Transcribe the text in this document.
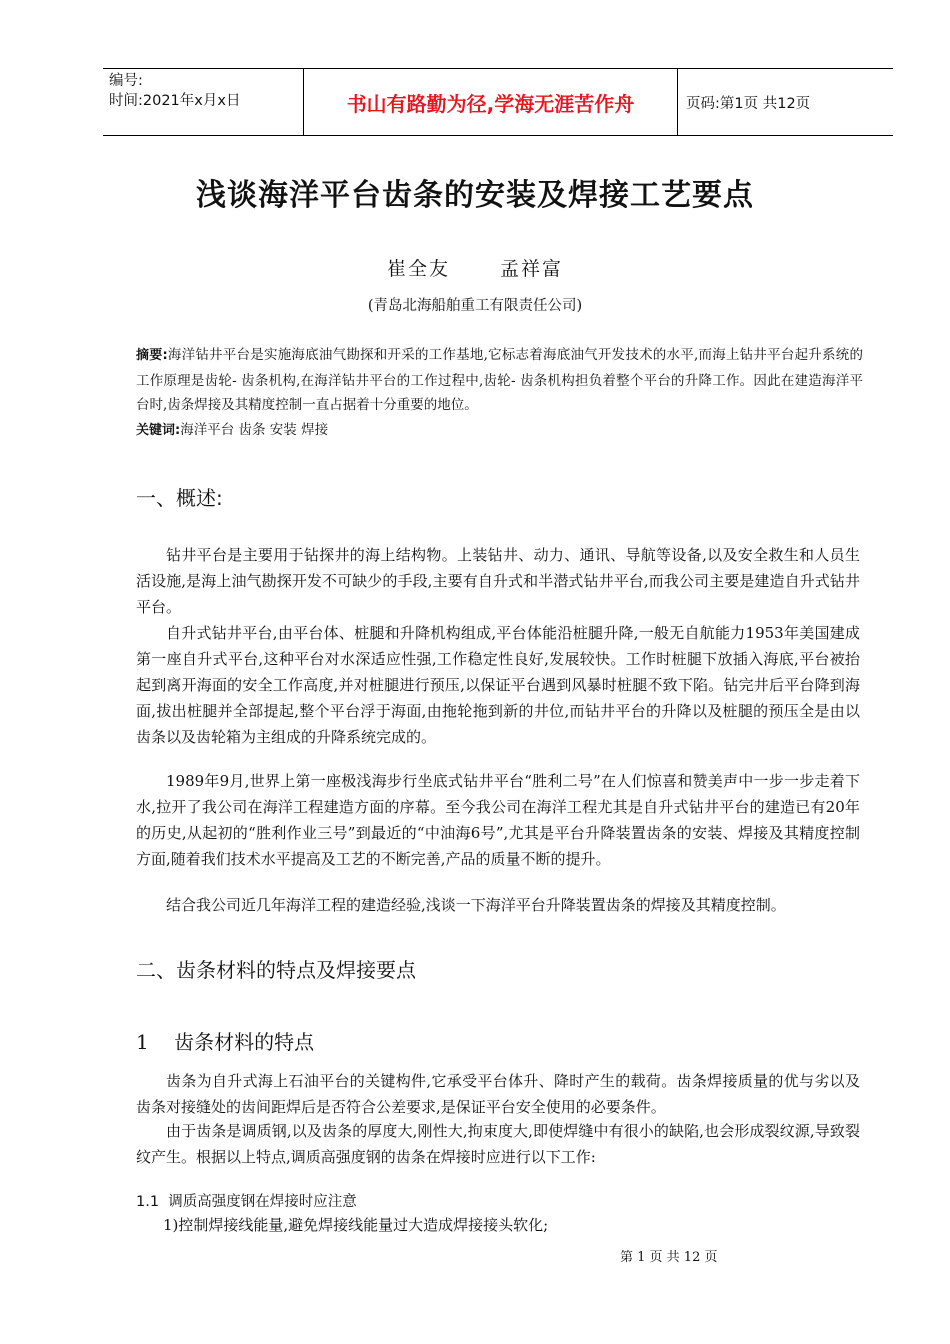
编号:
时间:2021年x月x日	书山有路勤为径,学海无涯苦作舟	页码:第1页 共12页
浅谈海洋平台齿条的安装及焊接工艺要点
崔全友	孟祥富
(青岛北海船舶重工有限责任公司)
摘要:海洋钻井平台是实施海底油气勘探和开采的工作基地,它标志着海底油气开发技术的水平,而海上钻井平台起升系统的工作原理是齿轮- 齿条机构,在海洋钻井平台的工作过程中,齿轮- 齿条机构担负着整个平台的升降工作。因此在建造海洋平台时,齿条焊接及其精度控制一直占据着十分重要的地位。
关键词:海洋平台 齿条 安装 焊接
一、概述:
钻井平台是主要用于钻探井的海上结构物。上装钻井、动力、通讯、导航等设备,以及安全救生和人员生活设施,是海上油气勘探开发不可缺少的手段,主要有自升式和半潜式钻井平台,而我公司主要是建造自升式钻井平台。
自升式钻井平台,由平台体、桩腿和升降机构组成,平台体能沿桩腿升降,一般无自航能力1953年美国建成第一座自升式平台,这种平台对水深适应性强,工作稳定性良好,发展较快。工作时桩腿下放插入海底,平台被抬起到离开海面的安全工作高度,并对桩腿进行预压,以保证平台遇到风暴时桩腿不致下陷。钻完井后平台降到海面,拔出桩腿并全部提起,整个平台浮于海面,由拖轮拖到新的井位,而钻井平台的升降以及桩腿的预压全是由以齿条以及齿轮箱为主组成的升降系统完成的。
1989年9月,世界上第一座极浅海步行坐底式钻井平台“胜利二号”在人们惊喜和赞美声中一步一步走着下水,拉开了我公司在海洋工程建造方面的序幕。至今我公司在海洋工程尤其是自升式钻井平台的建造已有20年的历史,从起初的“胜利作业三号”到最近的“中油海6号”,尤其是平台升降装置齿条的安装、焊接及其精度控制方面,随着我们技术水平提高及工艺的不断完善,产品的质量不断的提升。
结合我公司近几年海洋工程的建造经验,浅谈一下海洋平台升降装置齿条的焊接及其精度控制。
二、齿条材料的特点及焊接要点
1    齿条材料的特点
齿条为自升式海上石油平台的关键构件,它承受平台体升、降时产生的载荷。齿条焊接质量的优与劣以及齿条对接缝处的齿间距焊后是否符合公差要求,是保证平台安全使用的必要条件。
由于齿条是调质钢,以及齿条的厚度大,刚性大,拘束度大,即使焊缝中有很小的缺陷,也会形成裂纹源,导致裂纹产生。根据以上特点,调质高强度钢的齿条在焊接时应进行以下工作:
1.1  调质高强度钢在焊接时应注意
1)控制焊接线能量,避免焊接线能量过大造成焊接接头软化;
第 1 页 共 12 页
